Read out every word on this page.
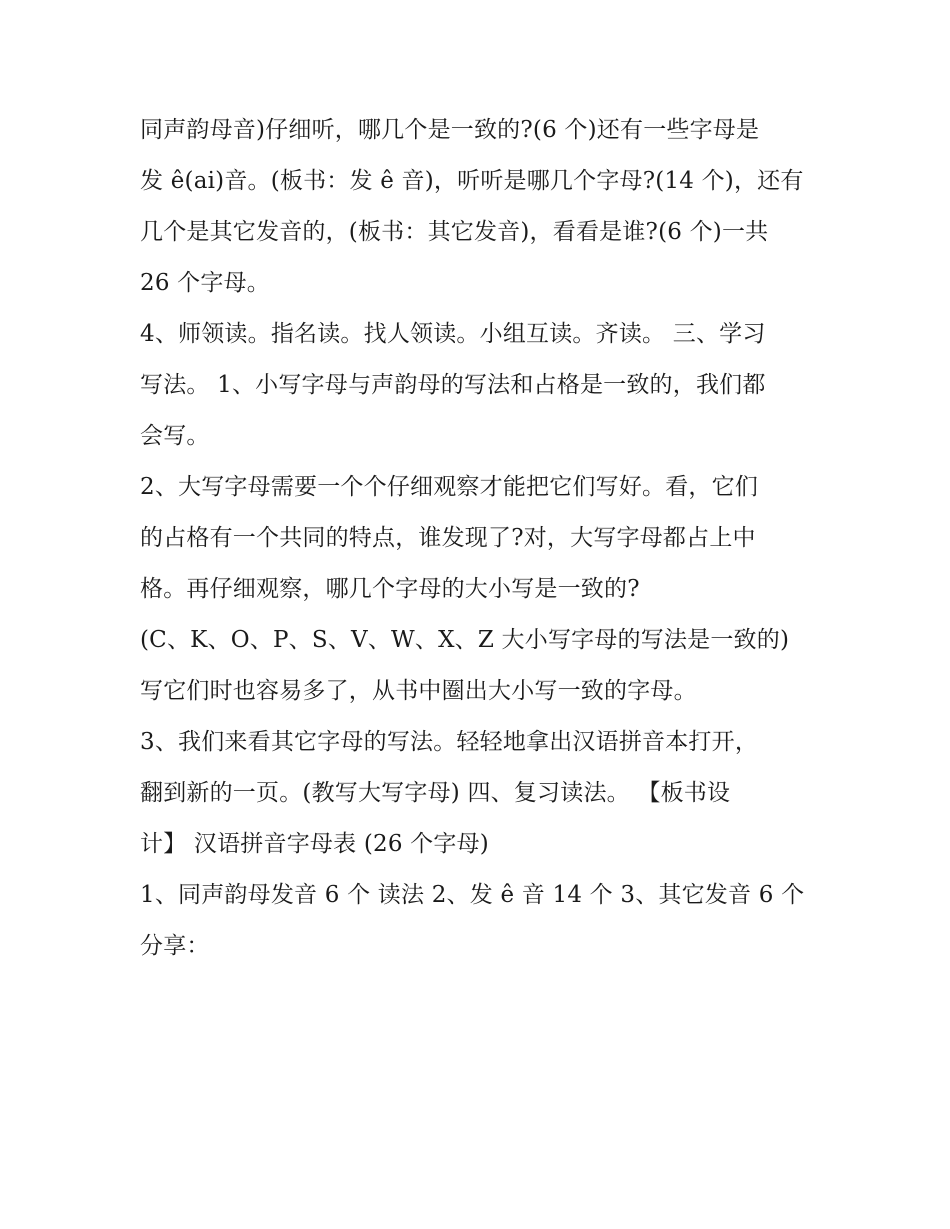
同声韵母音)仔细听，哪几个是一致的?(6 个)还有一些字母是
发 ê(ai)音。(板书：发 ê 音)，听听是哪几个字母?(14 个)，还有
几个是其它发音的，(板书：其它发音)，看看是谁?(6 个)一共
26 个字母。
4、师领读。指名读。找人领读。小组互读。齐读。 三、学习
写法。 1、小写字母与声韵母的写法和占格是一致的，我们都
会写。
2、大写字母需要一个个仔细观察才能把它们写好。看，它们
的占格有一个共同的特点，谁发现了?对，大写字母都占上中
格。再仔细观察，哪几个字母的大小写是一致的?
(C、K、O、P、S、V、W、X、Z 大小写字母的写法是一致的)
写它们时也容易多了，从书中圈出大小写一致的字母。
3、我们来看其它字母的写法。轻轻地拿出汉语拼音本打开，
翻到新的一页。(教写大写字母) 四、复习读法。 【板书设
计】 汉语拼音字母表 (26 个字母)
1、同声韵母发音 6 个 读法 2、发 ê 音 14 个 3、其它发音 6 个
分享：
